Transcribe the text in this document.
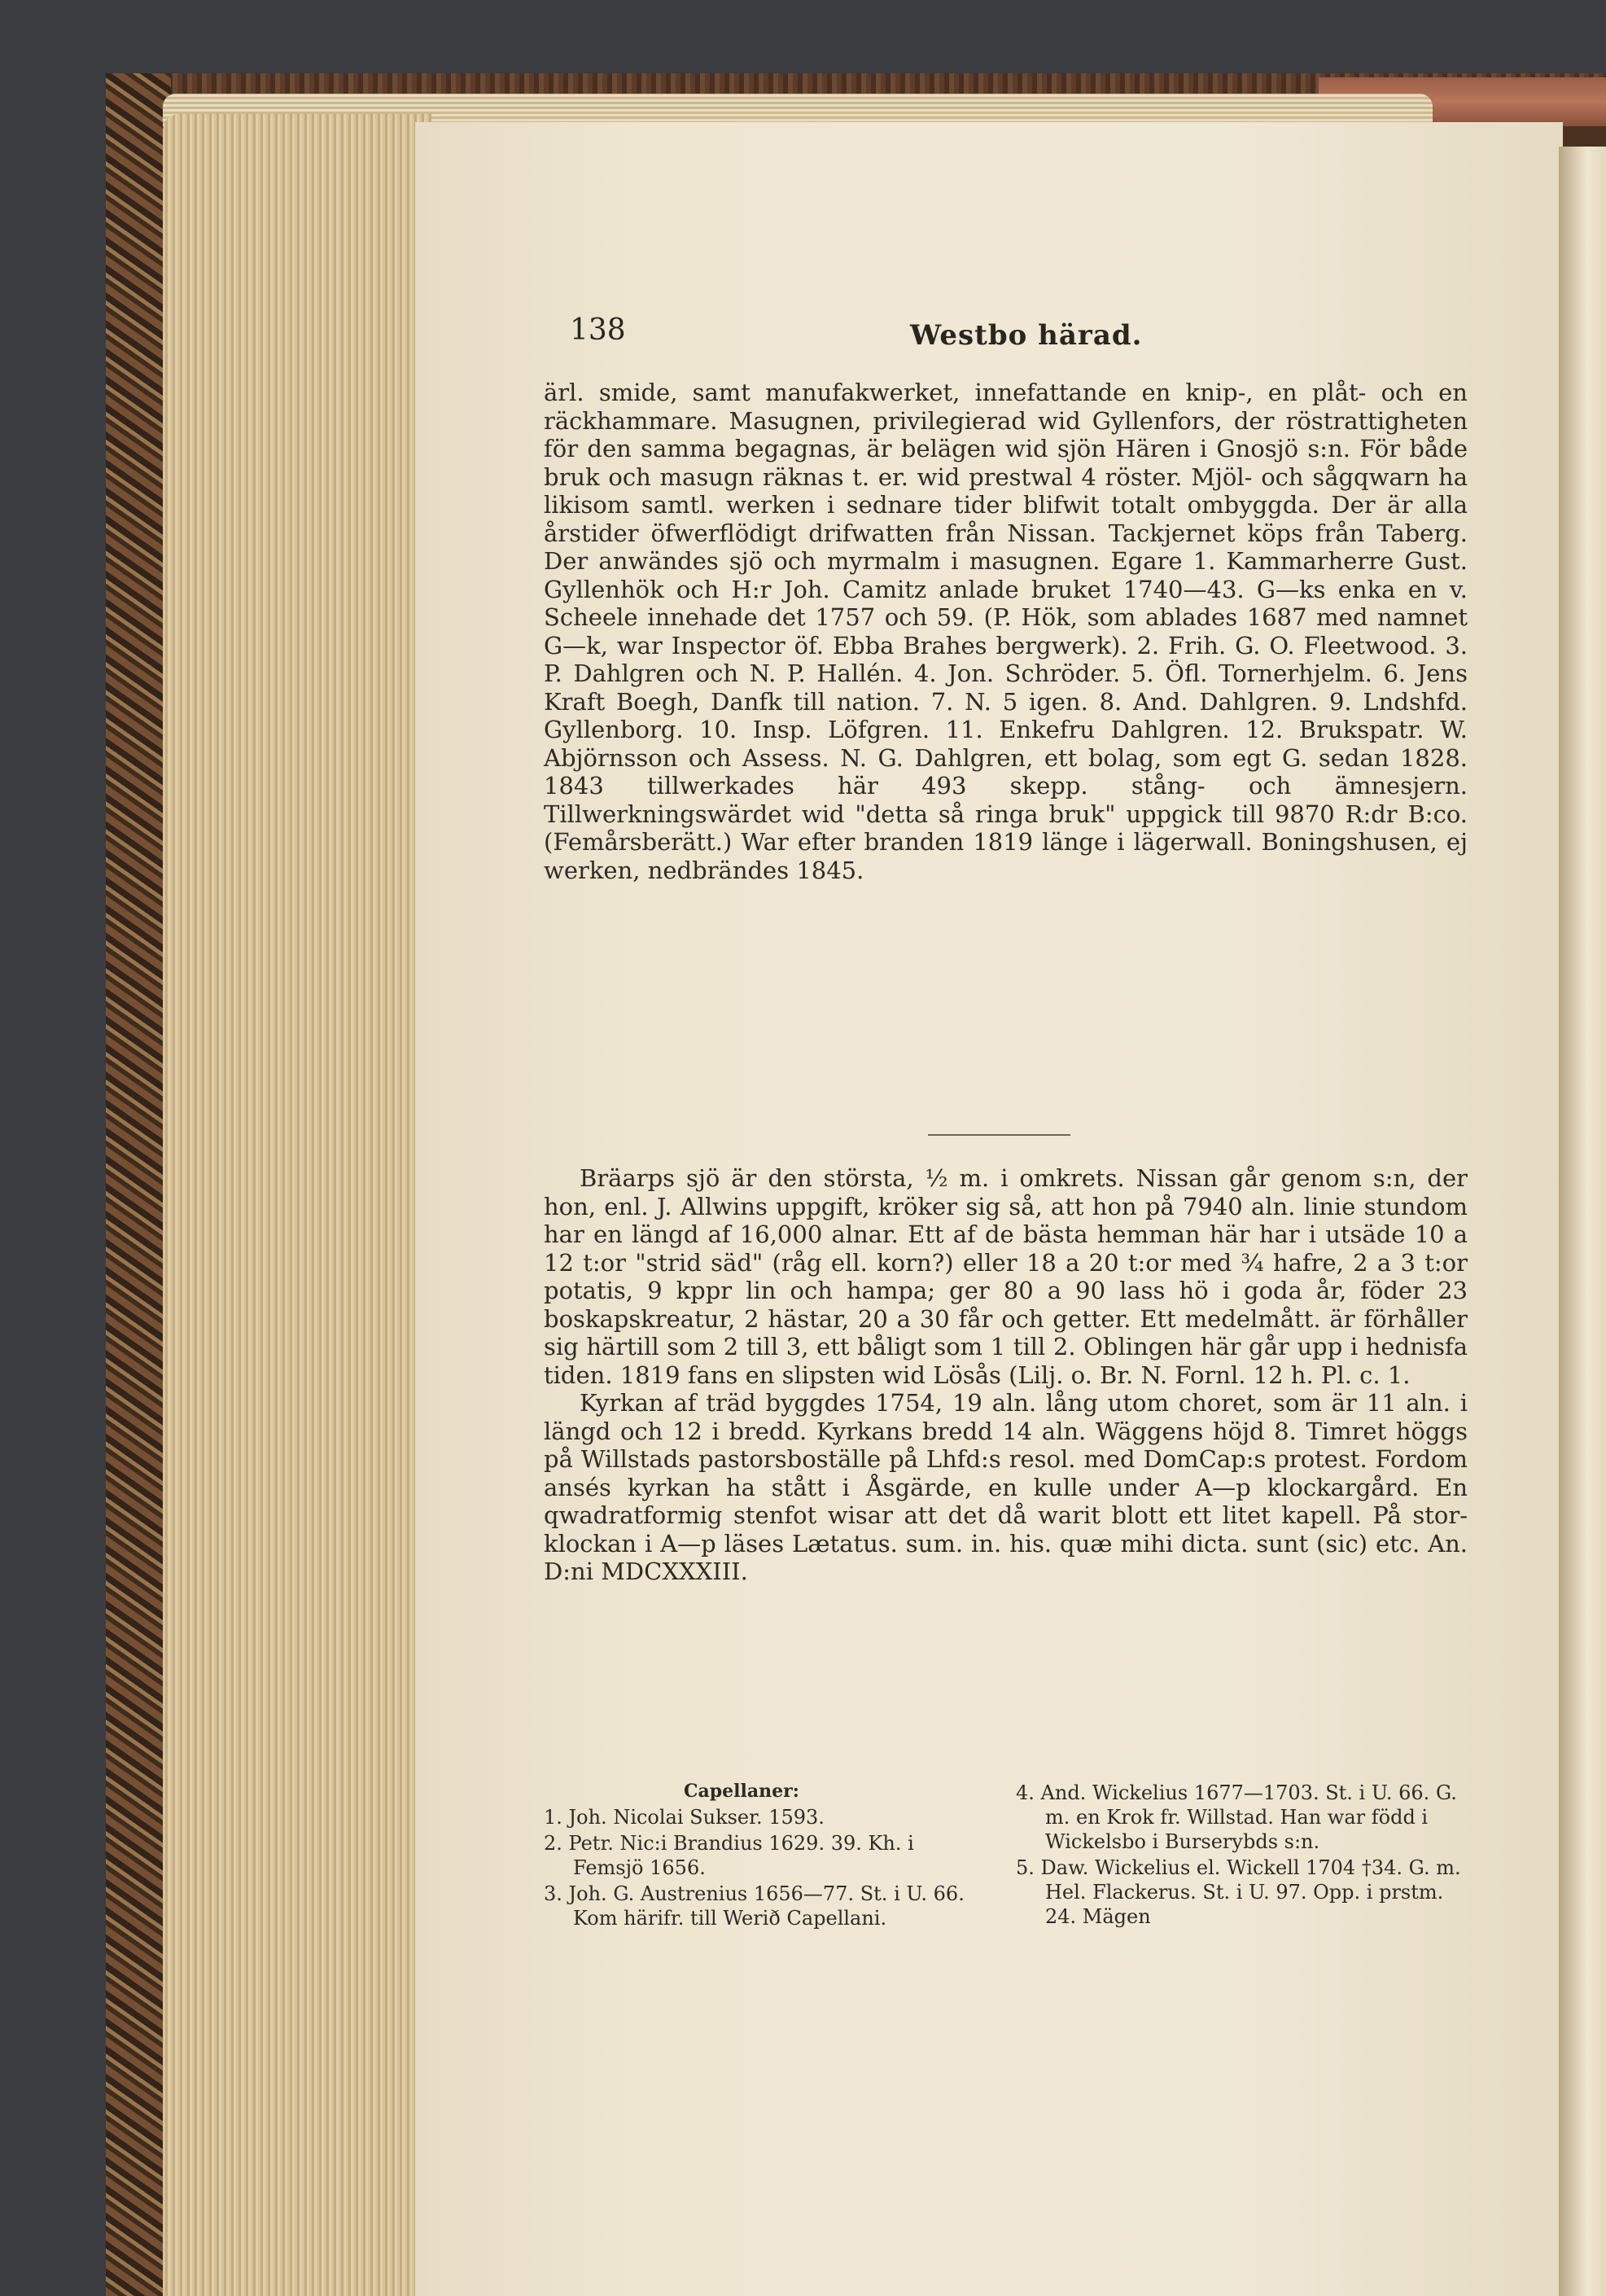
138	Westbo härad.
ärl. smide, samt manufakwerket, innefattande en knip-, en plåt- och en räckhammare. Masugnen, privilegierad wid Gyllenfors, der röstrattigheten för den samma begagnas, är belägen wid sjön Hären i Gnosjö s:n. För både bruk och masugn räknas t. er. wid prestwal 4 röster. Mjöl- och sågqwarn ha likisom samtl. werken i sednare tider blifwit totalt ombyggda. Der är alla årstider öfwerflödigt drifwatten från Nissan. Tackjernet köps från Taberg. Der anwändes sjö och myrmalm i masugnen. Egare 1. Kammarherre Gust. Gyllenhök och H:r Joh. Camitz anlade bruket 1740—43. G—ks enka en v. Scheele innehade det 1757 och 59. (P. Hök, som ablades 1687 med namnet G—k, war Inspector öf. Ebba Brahes bergwerk). 2. Frih. G. O. Fleetwood. 3. P. Dahlgren och N. P. Hallén. 4. Jon. Schröder. 5. Öfl. Tornerhjelm. 6. Jens Kraft Boegh, Danfk till nation. 7. N. 5 igen. 8. And. Dahlgren. 9. Lndshfd. Gyllenborg. 10. Insp. Löfgren. 11. Enkefru Dahlgren. 12. Brukspatr. W. Abjörnsson och Assess. N. G. Dahlgren, ett bolag, som egt G. sedan 1828. 1843 tillwerkades här 493 skepp. stång- och ämnesjern. Tillwerkningswärdet wid "detta så ringa bruk" uppgick till 9870 R:dr B:co. (Femårsberätt.) War efter branden 1819 länge i lägerwall. Boningshusen, ej werken, nedbrändes 1845.
Bräarps sjö är den största, ½ m. i omkrets. Nissan går genom s:n, der hon, enl. J. Allwins uppgift, kröker sig så, att hon på 7940 aln. linie stundom har en längd af 16,000 alnar. Ett af de bästa hemman här har i utsäde 10 a 12 t:or "strid säd" (råg ell. korn?) eller 18 a 20 t:or med ¾ hafre, 2 a 3 t:or potatis, 9 kppr lin och hampa; ger 80 a 90 lass hö i goda år, föder 23 boskapskreatur, 2 hästar, 20 a 30 får och getter. Ett medelmått. är förhåller sig härtill som 2 till 3, ett båligt som 1 till 2. Oblingen här går upp i hednisfa tiden. 1819 fans en slipsten wid Lösås (Lilj. o. Br. N. Fornl. 12 h. Pl. c. 1.
Kyrkan af träd byggdes 1754, 19 aln. lång utom choret, som är 11 aln. i längd och 12 i bredd. Kyrkans bredd 14 aln. Wäggens höjd 8. Timret höggs på Willstads pastorsboställe på Lhfd:s resol. med DomCap:s protest. Fordom ansés kyrkan ha stått i Åsgärde, en kulle under A—p klockargård. En qwadratformig stenfot wisar att det då warit blott ett litet kapell. På stor-klockan i A—p läses Lætatus. sum. in. his. quæ mihi dicta. sunt (sic) etc. An. D:ni MDCXXXIII.
Capellaner:
1. Joh. Nicolai Sukser. 1593.
2. Petr. Nic:i Brandius 1629. 39. Kh. i Femsjö 1656.
3. Joh. G. Austrenius 1656—77. St. i U. 66. Kom härifr. till Werið Capellani.
4. And. Wickelius 1677—1703. St. i U. 66. G. m. en Krok fr. Willstad. Han war född i Wickelsbo i Burserybds s:n.
5. Daw. Wickelius el. Wickell 1704 †34. G. m. Hel. Flackerus. St. i U. 97. Opp. i prstm. 24. Mägen
